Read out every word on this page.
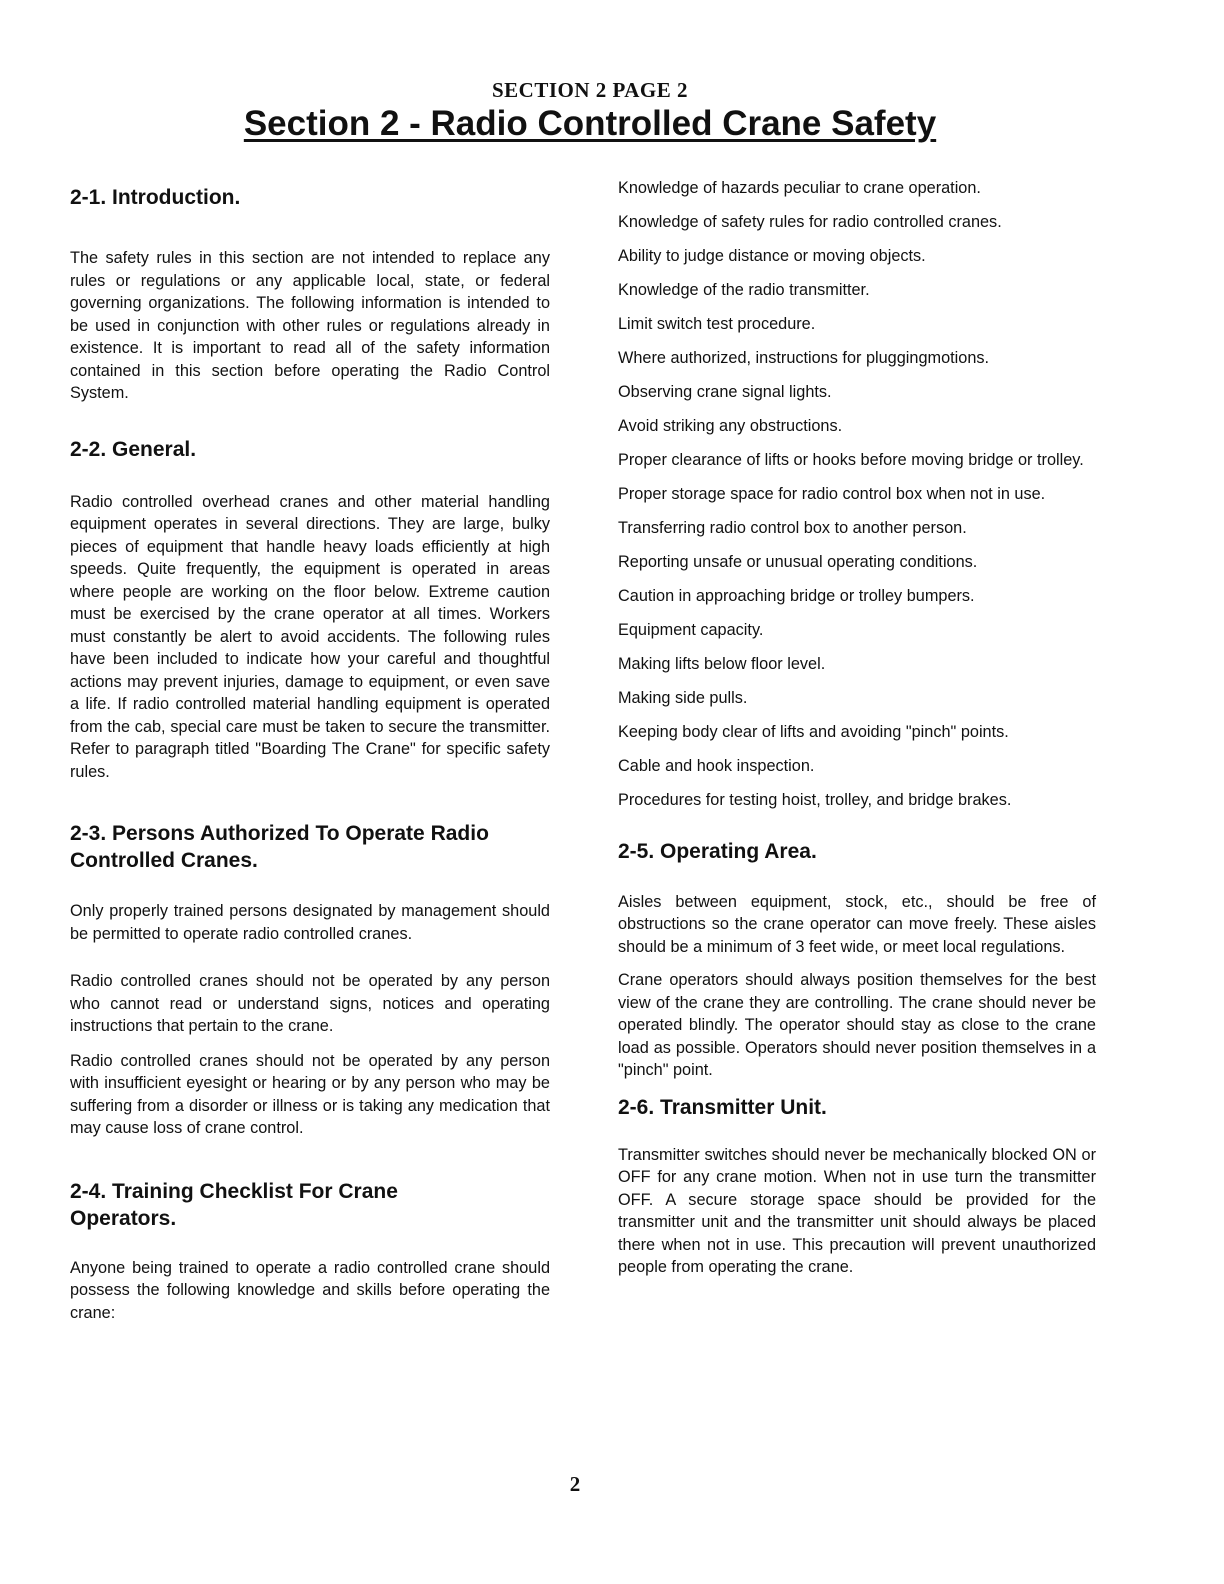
SECTION 2 PAGE 2
Section 2 - Radio Controlled Crane Safety
2-1. Introduction.

The safety rules in this section are not intended to replace any rules or regulations or any applicable local, state, or federal governing organizations. The following information is intended to be used in conjunction with other rules or regulations already in existence. It is important to read all of the safety information contained in this section before operating the Radio Control System.

2-2. General.

Radio controlled overhead cranes and other material handling equipment operates in several directions. They are large, bulky pieces of equipment that handle heavy loads efficiently at high speeds. Quite frequently, the equipment is operated in areas where people are working on the floor below. Extreme caution must be exercised by the crane operator at all times. Workers must constantly be alert to avoid accidents. The following rules have been included to indicate how your careful and thoughtful actions may prevent injuries, damage to equipment, or even save a life. If radio controlled material handling equipment is operated from the cab, special care must be taken to secure the transmitter. Refer to paragraph titled "Boarding The Crane" for specific safety rules.

2-3. Persons Authorized To Operate Radio Controlled Cranes.

Only properly trained persons designated by management should be permitted to operate radio controlled cranes.

Radio controlled cranes should not be operated by any person who cannot read or understand signs, notices and operating instructions that pertain to the crane.

Radio controlled cranes should not be operated by any person with insufficient eyesight or hearing or by any person who may be suffering from a disorder or illness or is taking any medication that may cause loss of crane control.

2-4. Training Checklist For Crane Operators.

Anyone being trained to operate a radio controlled crane should possess the following knowledge and skills before operating the crane:

Knowledge of hazards peculiar to crane operation.
Knowledge of safety rules for radio controlled cranes.
Ability to judge distance or moving objects.
Knowledge of the radio transmitter.
Limit switch test procedure.
Where authorized, instructions for pluggingmotions.
Observing crane signal lights.
Avoid striking any obstructions.
Proper clearance of lifts or hooks before moving bridge or trolley.
Proper storage space for radio control box when not in use.
Transferring radio control box to another person.
Reporting unsafe or unusual operating conditions.
Caution in approaching bridge or trolley bumpers.
Equipment capacity.
Making lifts below floor level.
Making side pulls.
Keeping body clear of lifts and avoiding "pinch" points.
Cable and hook inspection.
Procedures for testing hoist, trolley, and bridge brakes.
2-5. Operating Area.

Aisles between equipment, stock, etc., should be free of obstructions so the crane operator can move freely. These aisles should be a minimum of 3 feet wide, or meet local regulations.

Crane operators should always position themselves for the best view of the crane they are controlling. The crane should never be operated blindly. The operator should stay as close to the crane load as possible. Operators should never position themselves in a "pinch" point.

2-6. Transmitter Unit.

Transmitter switches should never be mechanically blocked ON or OFF for any crane motion. When not in use turn the transmitter OFF. A secure storage space should be provided for the transmitter unit and the transmitter unit should always be placed there when not in use. This precaution will prevent unauthorized people from operating the crane.

2
